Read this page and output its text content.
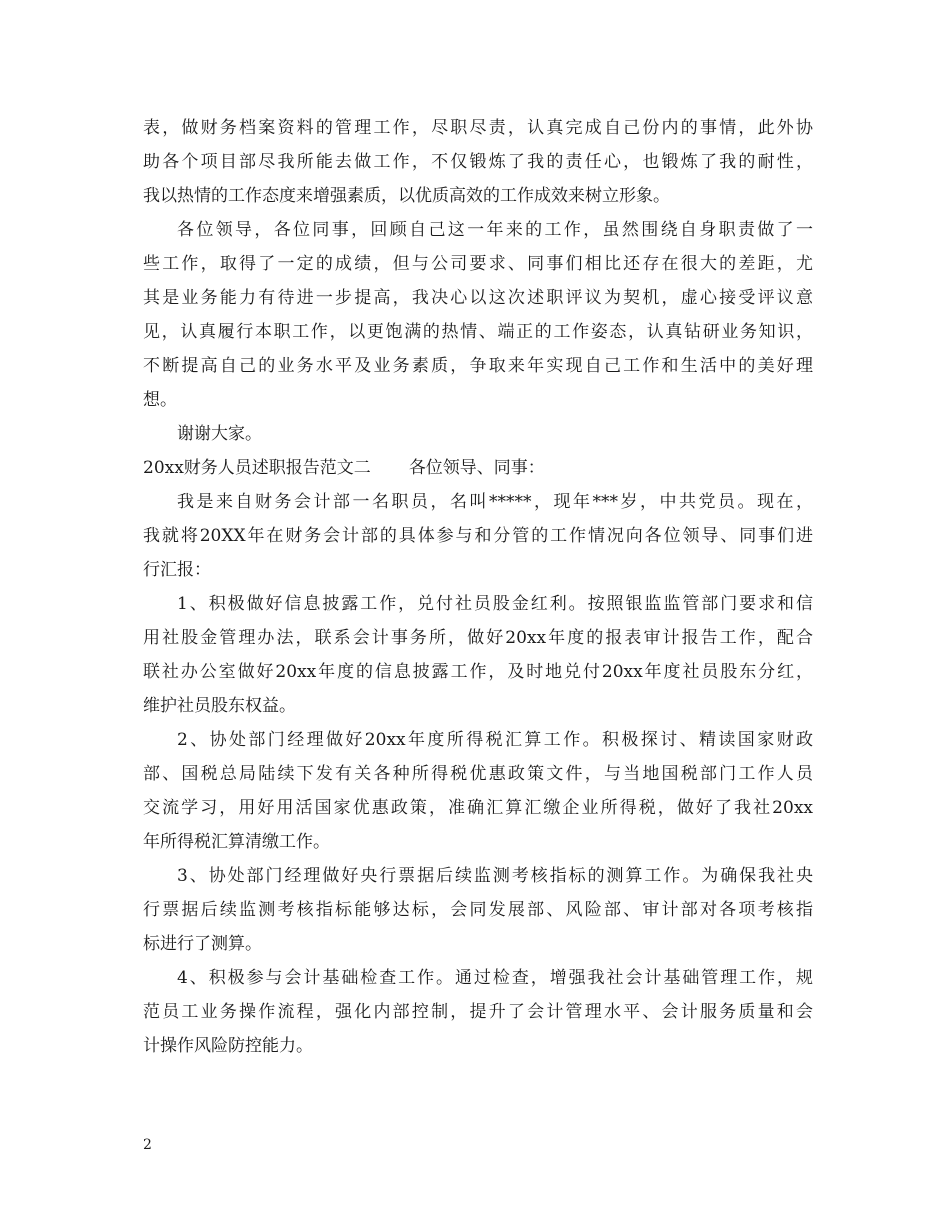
表，做财务档案资料的管理工作，尽职尽责，认真完成自己份内的事情，此外协
助各个项目部尽我所能去做工作，不仅锻炼了我的责任心，也锻炼了我的耐性，
我以热情的工作态度来增强素质，以优质高效的工作成效来树立形象。
各位领导，各位同事，回顾自己这一年来的工作，虽然围绕自身职责做了一
些工作，取得了一定的成绩，但与公司要求、同事们相比还存在很大的差距，尤
其是业务能力有待进一步提高，我决心以这次述职评议为契机，虚心接受评议意
见，认真履行本职工作，以更饱满的热情、端正的工作姿态，认真钻研业务知识，
不断提高自己的业务水平及业务素质，争取来年实现自己工作和生活中的美好理
想。
谢谢大家。
20xx财务人员述职报告范文二 各位领导、同事：
我是来自财务会计部一名职员，名叫*****，现年***岁，中共党员。现在，
我就将20XX年在财务会计部的具体参与和分管的工作情况向各位领导、同事们进
行汇报：
1、积极做好信息披露工作，兑付社员股金红利。按照银监监管部门要求和信
用社股金管理办法，联系会计事务所，做好20xx年度的报表审计报告工作，配合
联社办公室做好20xx年度的信息披露工作，及时地兑付20xx年度社员股东分红，
维护社员股东权益。
2、协处部门经理做好20xx年度所得税汇算工作。积极探讨、精读国家财政
部、国税总局陆续下发有关各种所得税优惠政策文件，与当地国税部门工作人员
交流学习，用好用活国家优惠政策，准确汇算汇缴企业所得税，做好了我社20xx
年所得税汇算清缴工作。
3、协处部门经理做好央行票据后续监测考核指标的测算工作。为确保我社央
行票据后续监测考核指标能够达标，会同发展部、风险部、审计部对各项考核指
标进行了测算。
4、积极参与会计基础检查工作。通过检查，增强我社会计基础管理工作，规
范员工业务操作流程，强化内部控制，提升了会计管理水平、会计服务质量和会
计操作风险防控能力。
2
